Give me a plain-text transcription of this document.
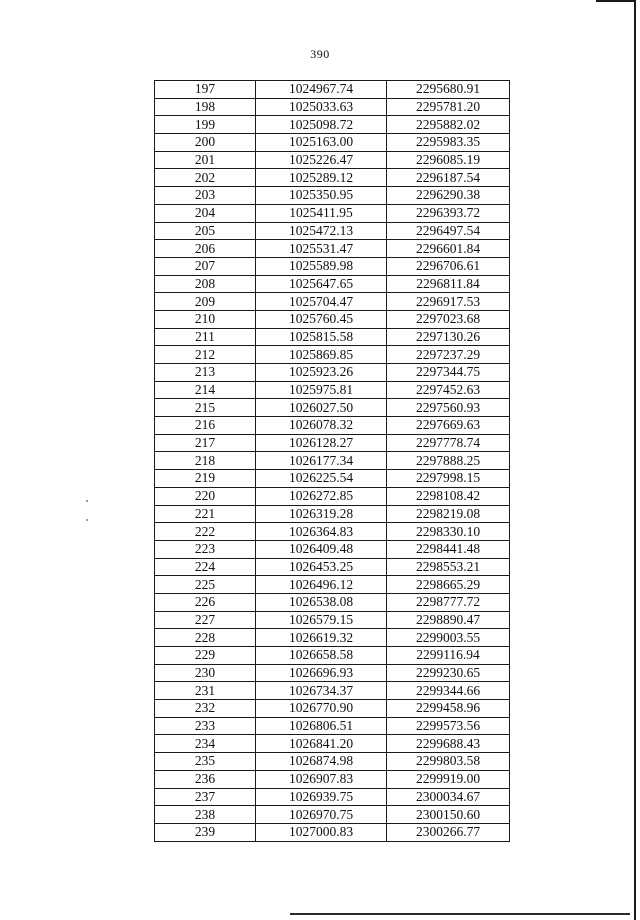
390
197	1024967.74	2295680.91
198	1025033.63	2295781.20
199	1025098.72	2295882.02
200	1025163.00	2295983.35
201	1025226.47	2296085.19
202	1025289.12	2296187.54
203	1025350.95	2296290.38
204	1025411.95	2296393.72
205	1025472.13	2296497.54
206	1025531.47	2296601.84
207	1025589.98	2296706.61
208	1025647.65	2296811.84
209	1025704.47	2296917.53
210	1025760.45	2297023.68
211	1025815.58	2297130.26
212	1025869.85	2297237.29
213	1025923.26	2297344.75
214	1025975.81	2297452.63
215	1026027.50	2297560.93
216	1026078.32	2297669.63
217	1026128.27	2297778.74
218	1026177.34	2297888.25
219	1026225.54	2297998.15
220	1026272.85	2298108.42
221	1026319.28	2298219.08
222	1026364.83	2298330.10
223	1026409.48	2298441.48
224	1026453.25	2298553.21
225	1026496.12	2298665.29
226	1026538.08	2298777.72
227	1026579.15	2298890.47
228	1026619.32	2299003.55
229	1026658.58	2299116.94
230	1026696.93	2299230.65
231	1026734.37	2299344.66
232	1026770.90	2299458.96
233	1026806.51	2299573.56
234	1026841.20	2299688.43
235	1026874.98	2299803.58
236	1026907.83	2299919.00
237	1026939.75	2300034.67
238	1026970.75	2300150.60
239	1027000.83	2300266.77
